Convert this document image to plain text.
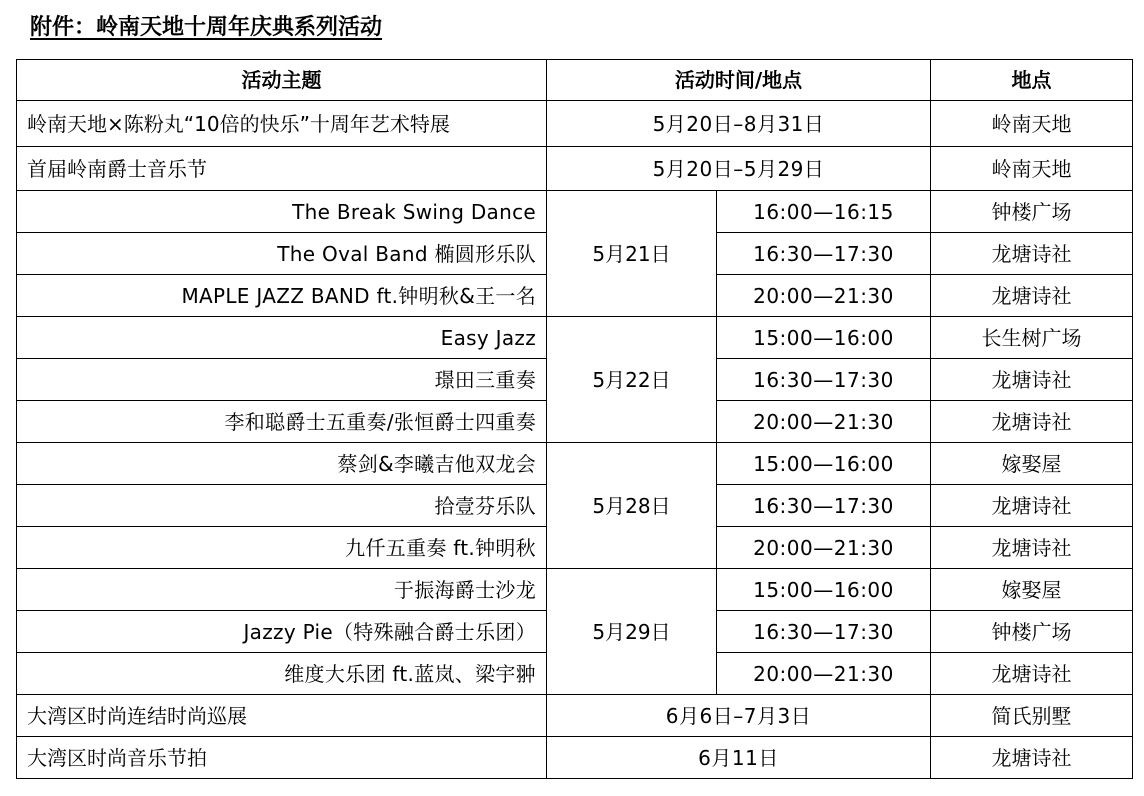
附件：岭南天地十周年庆典系列活动
活动主题	活动时间/地点		地点
岭南天地×陈粉丸“10倍的快乐”十周年艺术特展	5月20日–8月31日		岭南天地
首届岭南爵士音乐节	5月20日–5月29日		岭南天地
The Break Swing Dance	5月21日	16:00—16:15	钟楼广场
The Oval Band 椭圆形乐队		16:30—17:30	龙塘诗社
MAPLE JAZZ BAND ft.钟明秋&王一名		20:00—21:30	龙塘诗社
Easy Jazz	5月22日	15:00—16:00	长生树广场
璟田三重奏		16:30—17:30	龙塘诗社
李和聪爵士五重奏/张恒爵士四重奏		20:00—21:30	龙塘诗社
蔡剑&李曦吉他双龙会	5月28日	15:00—16:00	嫁娶屋
拾壹芬乐队		16:30—17:30	龙塘诗社
九仟五重奏 ft.钟明秋		20:00—21:30	龙塘诗社
于振海爵士沙龙	5月29日	15:00—16:00	嫁娶屋
Jazzy Pie（特殊融合爵士乐团）		16:30—17:30	钟楼广场
维度大乐团 ft.蓝岚、梁宇翀		20:00—21:30	龙塘诗社
大湾区时尚连结时尚巡展	6月6日–7月3日		简氏别墅
大湾区时尚音乐节拍	6月11日		龙塘诗社
